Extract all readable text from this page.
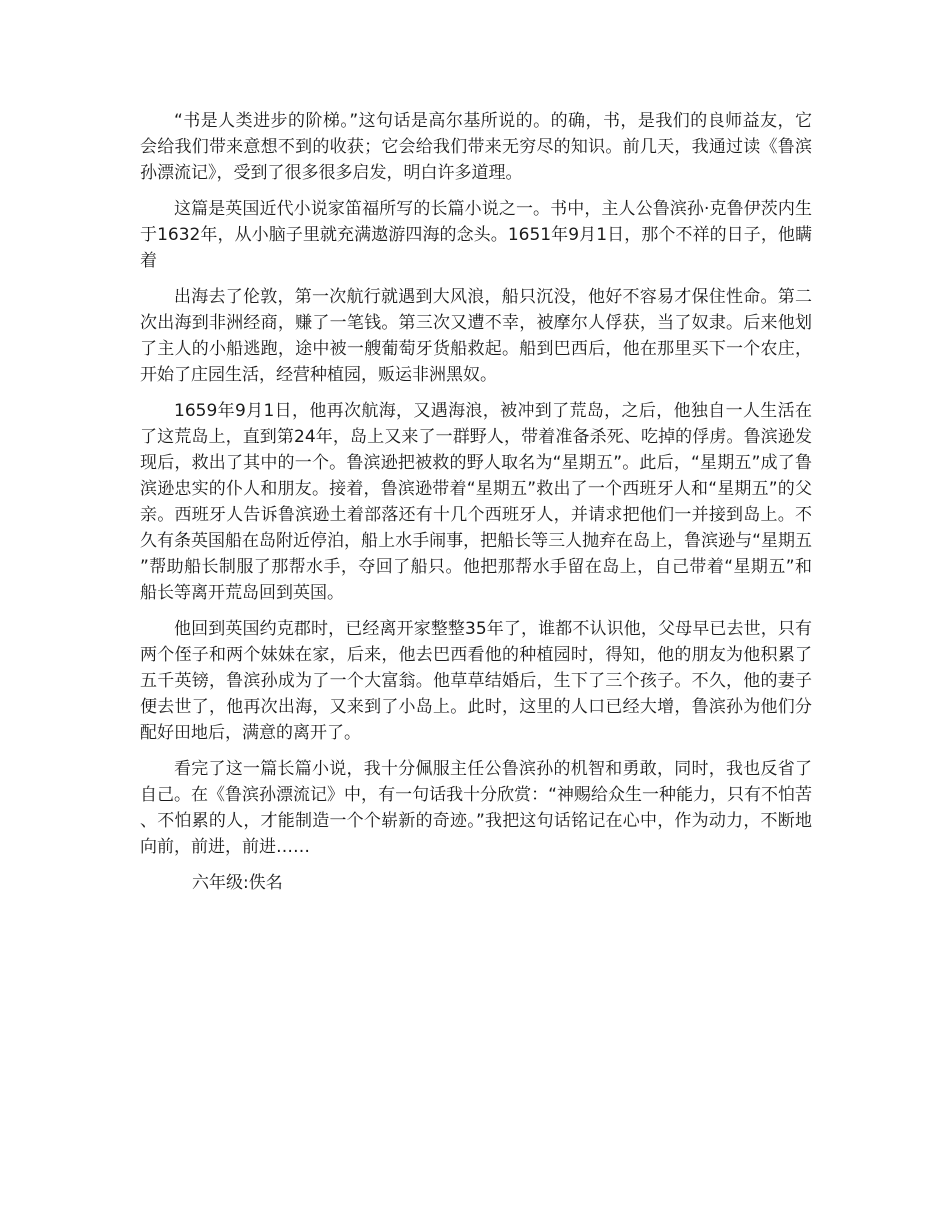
“书是人类进步的阶梯。”这句话是高尔基所说的。的确，书，是我们的良师益友，它会给我们带来意想不到的收获；它会给我们带来无穷尽的知识。前几天，我通过读《鲁滨孙漂流记》，受到了很多很多启发，明白许多道理。

这篇是英国近代小说家笛福所写的长篇小说之一。书中，主人公鲁滨孙·克鲁伊茨内生于1632年，从小脑子里就充满遨游四海的念头。1651年9月1日，那个不祥的日子，他瞒着

出海去了伦敦，第一次航行就遇到大风浪，船只沉没，他好不容易才保住性命。第二次出海到非洲经商，赚了一笔钱。第三次又遭不幸，被摩尔人俘获，当了奴隶。后来他划了主人的小船逃跑，途中被一艘葡萄牙货船救起。船到巴西后，他在那里买下一个农庄，开始了庄园生活，经营种植园，贩运非洲黑奴。

1659年9月1日，他再次航海，又遇海浪，被冲到了荒岛，之后，他独自一人生活在了这荒岛上，直到第24年，岛上又来了一群野人，带着准备杀死、吃掉的俘虏。鲁滨逊发现后，救出了其中的一个。鲁滨逊把被救的野人取名为“星期五”。此后，“星期五”成了鲁滨逊忠实的仆人和朋友。接着，鲁滨逊带着“星期五”救出了一个西班牙人和“星期五”的父亲。西班牙人告诉鲁滨逊土着部落还有十几个西班牙人，并请求把他们一并接到岛上。不久有条英国船在岛附近停泊，船上水手闹事，把船长等三人抛弃在岛上，鲁滨逊与“星期五”帮助船长制服了那帮水手，夺回了船只。他把那帮水手留在岛上，自己带着“星期五”和船长等离开荒岛回到英国。

他回到英国约克郡时，已经离开家整整35年了，谁都不认识他，父母早已去世，只有两个侄子和两个妹妹在家，后来，他去巴西看他的种植园时，得知，他的朋友为他积累了五千英镑，鲁滨孙成为了一个大富翁。他草草结婚后，生下了三个孩子。不久，他的妻子便去世了，他再次出海，又来到了小岛上。此时，这里的人口已经大增，鲁滨孙为他们分配好田地后，满意的离开了。

看完了这一篇长篇小说，我十分佩服主任公鲁滨孙的机智和勇敢，同时，我也反省了自己。在《鲁滨孙漂流记》中，有一句话我十分欣赏：“神赐给众生一种能力，只有不怕苦、不怕累的人，才能制造一个个崭新的奇迹。”我把这句话铭记在心中，作为动力，不断地向前，前进，前进……

六年级:佚名
